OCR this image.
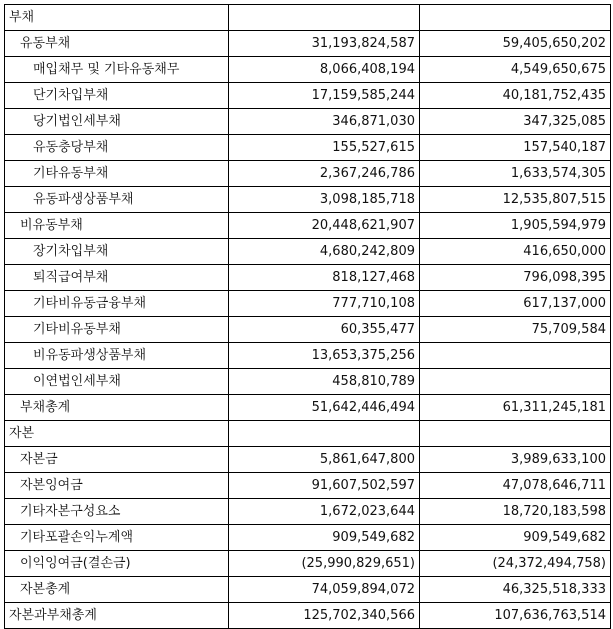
부채		
유동부채	31,193,824,587	59,405,650,202
매입채무 및 기타유동채무	8,066,408,194	4,549,650,675
단기차입부채	17,159,585,244	40,181,752,435
당기법인세부채	346,871,030	347,325,085
유동충당부채	155,527,615	157,540,187
기타유동부채	2,367,246,786	1,633,574,305
유동파생상품부채	3,098,185,718	12,535,807,515
비유동부채	20,448,621,907	1,905,594,979
장기차입부채	4,680,242,809	416,650,000
퇴직급여부채	818,127,468	796,098,395
기타비유동금융부채	777,710,108	617,137,000
기타비유동부채	60,355,477	75,709,584
비유동파생상품부채	13,653,375,256	
이연법인세부채	458,810,789	
부채총계	51,642,446,494	61,311,245,181
자본		
자본금	5,861,647,800	3,989,633,100
자본잉여금	91,607,502,597	47,078,646,711
기타자본구성요소	1,672,023,644	18,720,183,598
기타포괄손익누계액	909,549,682	909,549,682
이익잉여금(결손금)	(25,990,829,651)	(24,372,494,758)
자본총계	74,059,894,072	46,325,518,333
자본과부채총계	125,702,340,566	107,636,763,514
